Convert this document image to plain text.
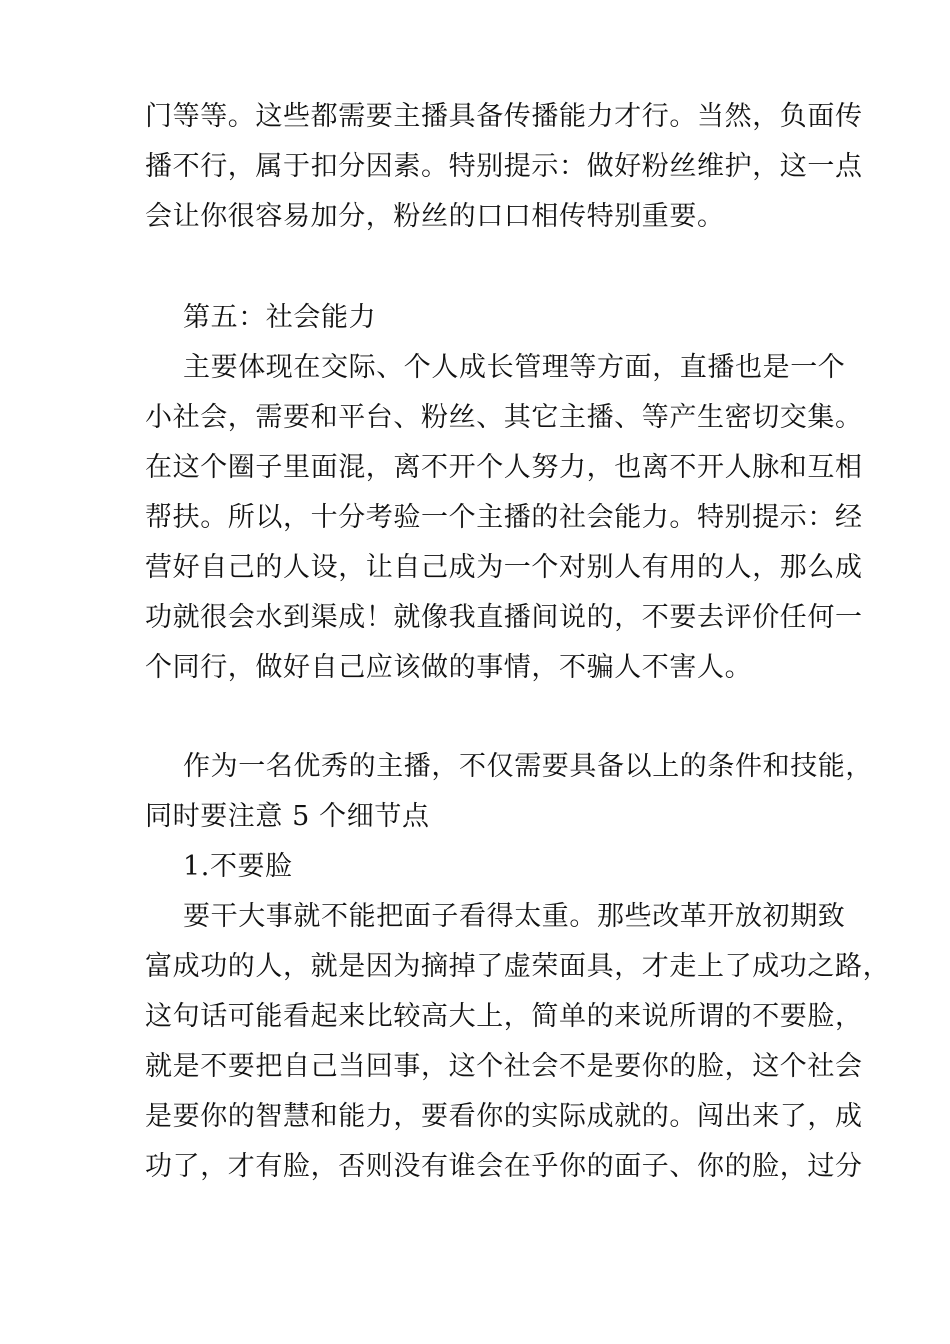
门等等。这些都需要主播具备传播能力才行。当然，负面传
播不行，属于扣分因素。特别提示：做好粉丝维护，这一点
会让你很容易加分，粉丝的口口相传特别重要。
第五：社会能力
主要体现在交际、个人成长管理等方面，直播也是一个
小社会，需要和平台、粉丝、其它主播、等产生密切交集。
在这个圈子里面混，离不开个人努力，也离不开人脉和互相
帮扶。所以，十分考验一个主播的社会能力。特别提示：经
营好自己的人设，让自己成为一个对别人有用的人，那么成
功就很会水到渠成！就像我直播间说的，不要去评价任何一
个同行，做好自己应该做的事情，不骗人不害人。
作为一名优秀的主播，不仅需要具备以上的条件和技能，
同时要注意 5 个细节点
1.不要脸
要干大事就不能把面子看得太重。那些改革开放初期致
富成功的人，就是因为摘掉了虚荣面具，才走上了成功之路，
这句话可能看起来比较高大上，简单的来说所谓的不要脸，
就是不要把自己当回事，这个社会不是要你的脸，这个社会
是要你的智慧和能力，要看你的实际成就的。闯出来了，成
功了，才有脸，否则没有谁会在乎你的面子、你的脸，过分
